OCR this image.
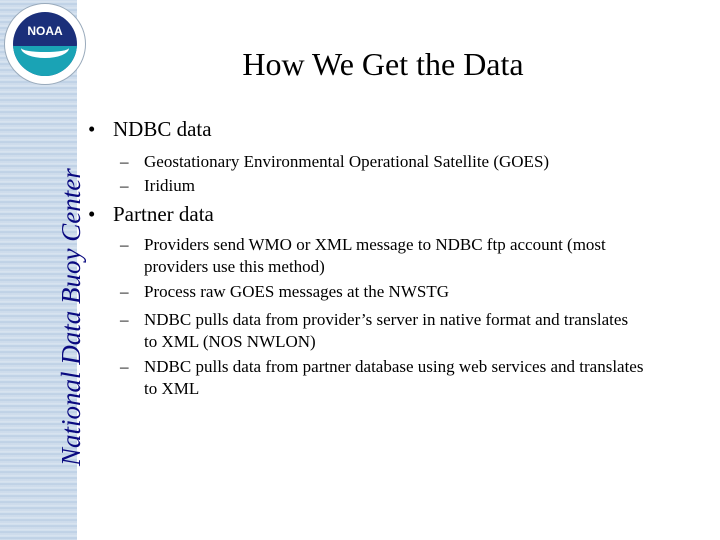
NOAA
National Data Buoy Center
How We Get the Data
• NDBC data
– Geostationary Environmental Operational Satellite (GOES)
– Iridium
• Partner data
– Providers send WMO or XML message to NDBC ftp account (most providers use this method)
– Process raw GOES messages at the NWSTG
– NDBC pulls data from provider’s server in native format and translates to XML (NOS NWLON)
– NDBC pulls data from partner database using web services and translates to XML
